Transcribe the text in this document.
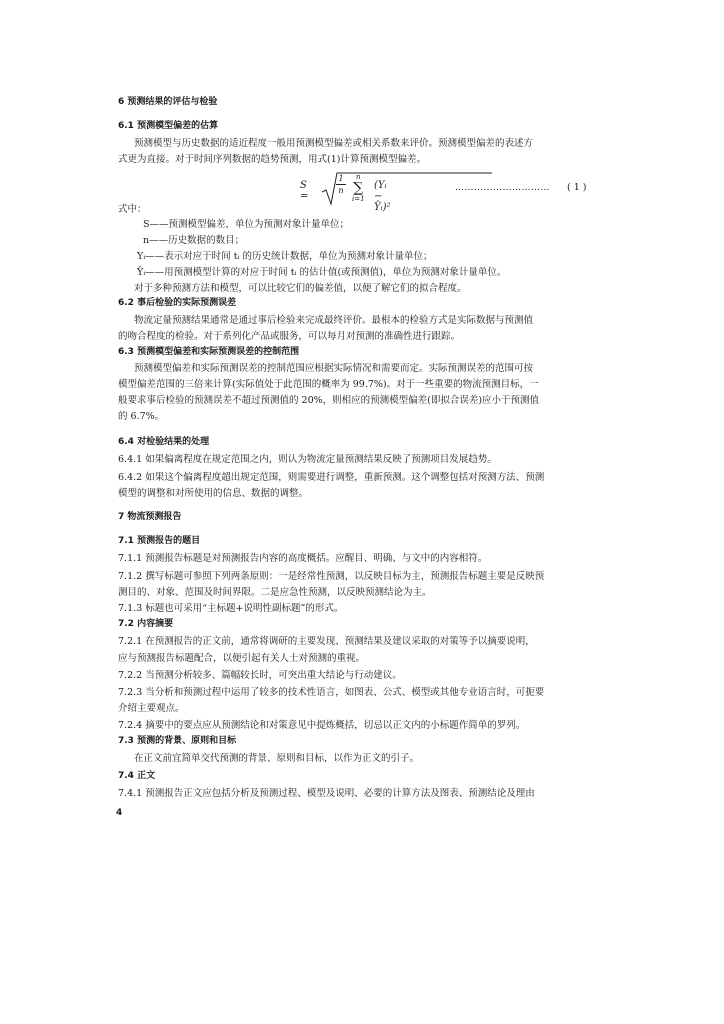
6 预测结果的评估与检验
6.1 预测模型偏差的估算
预测模型与历史数据的适近程度一般用预测模型偏差或相关系数来评价。预测模型偏差的表述方
式更为直接。对于时间序列数据的趋势预测，用式(1)计算预测模型偏差。
S =
1
n
n
∑
i=1
(Yᵢ − Ŷᵢ)²
………………………… ( 1 )
式中：
S——预测模型偏差，单位为预测对象计量单位；
n——历史数据的数目；
Yᵢ——表示对应于时间 tᵢ 的历史统计数据，单位为预测对象计量单位；
Ŷᵢ——用预测模型计算的对应于时间 tᵢ 的估计值(或预测值)，单位为预测对象计量单位。
对于多种预测方法和模型，可以比较它们的偏差值，以便了解它们的拟合程度。
6.2 事后检验的实际预测误差
物流定量预测结果通常是通过事后检验来完成最终评价。最根本的检验方式是实际数据与预测值
的吻合程度的检验。对于系列化产品或服务，可以每月对预测的准确性进行跟踪。
6.3 预测模型偏差和实际预测误差的控制范围
预测模型偏差和实际预测误差的控制范围应根据实际情况和需要而定。实际预测误差的范围可按
模型偏差范围的三倍来计算(实际值处于此范围的概率为 99.7%)。对于一些重要的物流预测目标，一
般要求事后检验的预测误差不超过预测值的 20%，则相应的预测模型偏差(即拟合误差)应小于预测值
的 6.7%。
6.4 对检验结果的处理
6.4.1 如果偏离程度在规定范围之内，则认为物流定量预测结果反映了预测项目发展趋势。
6.4.2 如果这个偏离程度超出规定范围，则需要进行调整，重新预测。这个调整包括对预测方法、预测
模型的调整和对所使用的信息、数据的调整。
7 物流预测报告
7.1 预测报告的题目
7.1.1 预测报告标题是对预测报告内容的高度概括。应醒目、明确、与文中的内容相符。
7.1.2 撰写标题可参照下列两条原则：一是经常性预测，以反映目标为主，预测报告标题主要是反映预
测目的、对象、范围及时间界限。二是应急性预测，以反映预测结论为主。
7.1.3 标题也可采用“主标题+说明性副标题”的形式。
7.2 内容摘要
7.2.1 在预测报告的正文前，通常将调研的主要发现、预测结果及建议采取的对策等予以摘要说明，
应与预测报告标题配合，以便引起有关人士对预测的重视。
7.2.2 当预测分析较多、篇幅较长时，可突出重大结论与行动建议。
7.2.3 当分析和预测过程中运用了较多的技术性语言，如图表、公式、模型或其他专业语言时，可扼要
介绍主要观点。
7.2.4 摘要中的要点应从预测结论和对策意见中提炼概括，切忌以正文内的小标题作简单的罗列。
7.3 预测的背景、原则和目标
在正文前宜简单交代预测的背景、原则和目标，以作为正文的引子。
7.4 正文
7.4.1 预测报告正文应包括分析及预测过程、模型及说明、必要的计算方法及图表、预测结论及理由
4
